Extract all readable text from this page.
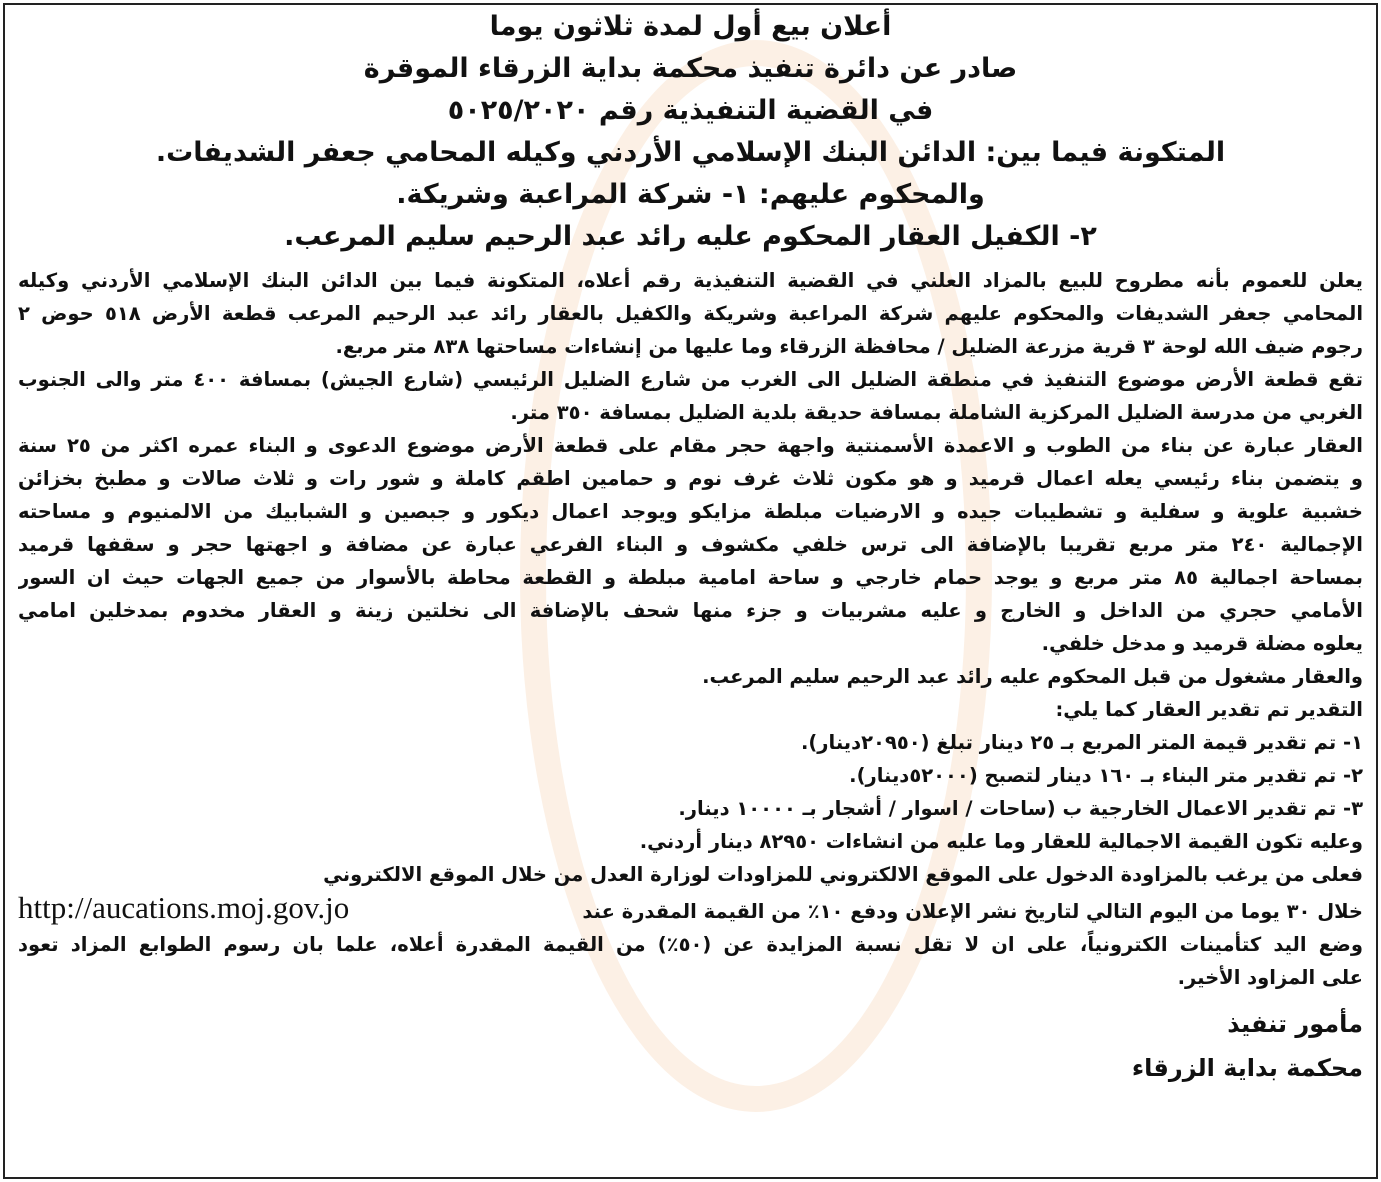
أعلان بيع أول لمدة ثلاثون يوما
صادر عن دائرة تنفيذ محكمة بداية الزرقاء الموقرة
في القضية التنفيذية رقم ٥٠٢٥/٢٠٢٠
المتكونة فيما بين: الدائن البنك الإسلامي الأردني وكيله المحامي جعفر الشديفات.
والمحكوم عليهم: ١- شركة المراعبة وشريكة.
٢- الكفيل العقار المحكوم عليه رائد عبد الرحيم سليم المرعب.
يعلن للعموم بأنه مطروح للبيع بالمزاد العلني في القضية التنفيذية رقم أعلاه، المتكونة فيما بين الدائن البنك الإسلامي الأردني وكيله
المحامي جعفر الشديفات والمحكوم عليهم شركة المراعبة وشريكة والكفيل بالعقار رائد عبد الرحيم المرعب قطعة الأرض ٥١٨ حوض ٢
رجوم ضيف الله لوحة ٣ قرية مزرعة الضليل / محافظة الزرقاء وما عليها من إنشاءات مساحتها ٨٣٨ متر مربع.
تقع قطعة الأرض موضوع التنفيذ في منطقة الضليل الى الغرب من شارع الضليل الرئيسي (شارع الجيش) بمسافة ٤٠٠ متر والى الجنوب
الغربي من مدرسة الضليل المركزية الشاملة بمسافة حديقة بلدية الضليل بمسافة ٣٥٠ متر.
العقار عبارة عن بناء من الطوب و الاعمدة الأسمنتية واجهة حجر مقام على قطعة الأرض موضوع الدعوى و البناء عمره اكثر من ٢٥ سنة
و يتضمن بناء رئيسي يعله اعمال قرميد و هو مكون ثلاث غرف نوم و حمامين اطقم كاملة و شور رات و ثلاث صالات و مطبخ بخزائن
خشبية علوية و سفلية و تشطيبات جيده و الارضيات مبلطة مزايكو ويوجد اعمال ديكور و جبصين و الشبابيك من الالمنيوم و مساحته
الإجمالية ٢٤٠ متر مربع تقريبا بالإضافة الى ترس خلفي مكشوف و البناء الفرعي عبارة عن مضافة و اجهتها حجر و سقفها قرميد
بمساحة اجمالية ٨٥ متر مربع و يوجد حمام خارجي و ساحة امامية مبلطة و القطعة محاطة بالأسوار من جميع الجهات حيث ان السور
الأمامي حجري من الداخل و الخارج و عليه مشربيات و جزء منها شحف بالإضافة الى نخلتين زينة و العقار مخدوم بمدخلين امامي
يعلوه مضلة قرميد و مدخل خلفي.
والعقار مشغول من قبل المحكوم عليه رائد عبد الرحيم سليم المرعب.
التقدير تم تقدير العقار كما يلي:
١- تم تقدير قيمة المتر المربع بـ ٢٥ دينار تبلغ (٢٠٩٥٠دينار).
٢- تم تقدير متر البناء بـ ١٦٠ دينار لتصبح (٥٢٠٠٠دينار).
٣- تم تقدير الاعمال الخارجية ب (ساحات / اسوار / أشجار بـ ١٠٠٠٠ دينار.
وعليه تكون القيمة الاجمالية للعقار وما عليه من انشاءات ٨٢٩٥٠ دينار أردني.
فعلى من يرغب بالمزاودة الدخول على الموقع الالكتروني للمزاودات لوزارة العدل من خلال الموقع الالكتروني
خلال ٣٠ يوما من اليوم التالي لتاريخ نشر الإعلان ودفع ١٠٪ من القيمة المقدرة عند
http://aucations.moj.gov.jo
وضع اليد كتأمينات الكترونياً، على ان لا تقل نسبة المزايدة عن (٥٠٪) من القيمة المقدرة أعلاه، علما بان رسوم الطوابع المزاد تعود
على المزاود الأخير.
مأمور تنفيذ
محكمة بداية الزرقاء
